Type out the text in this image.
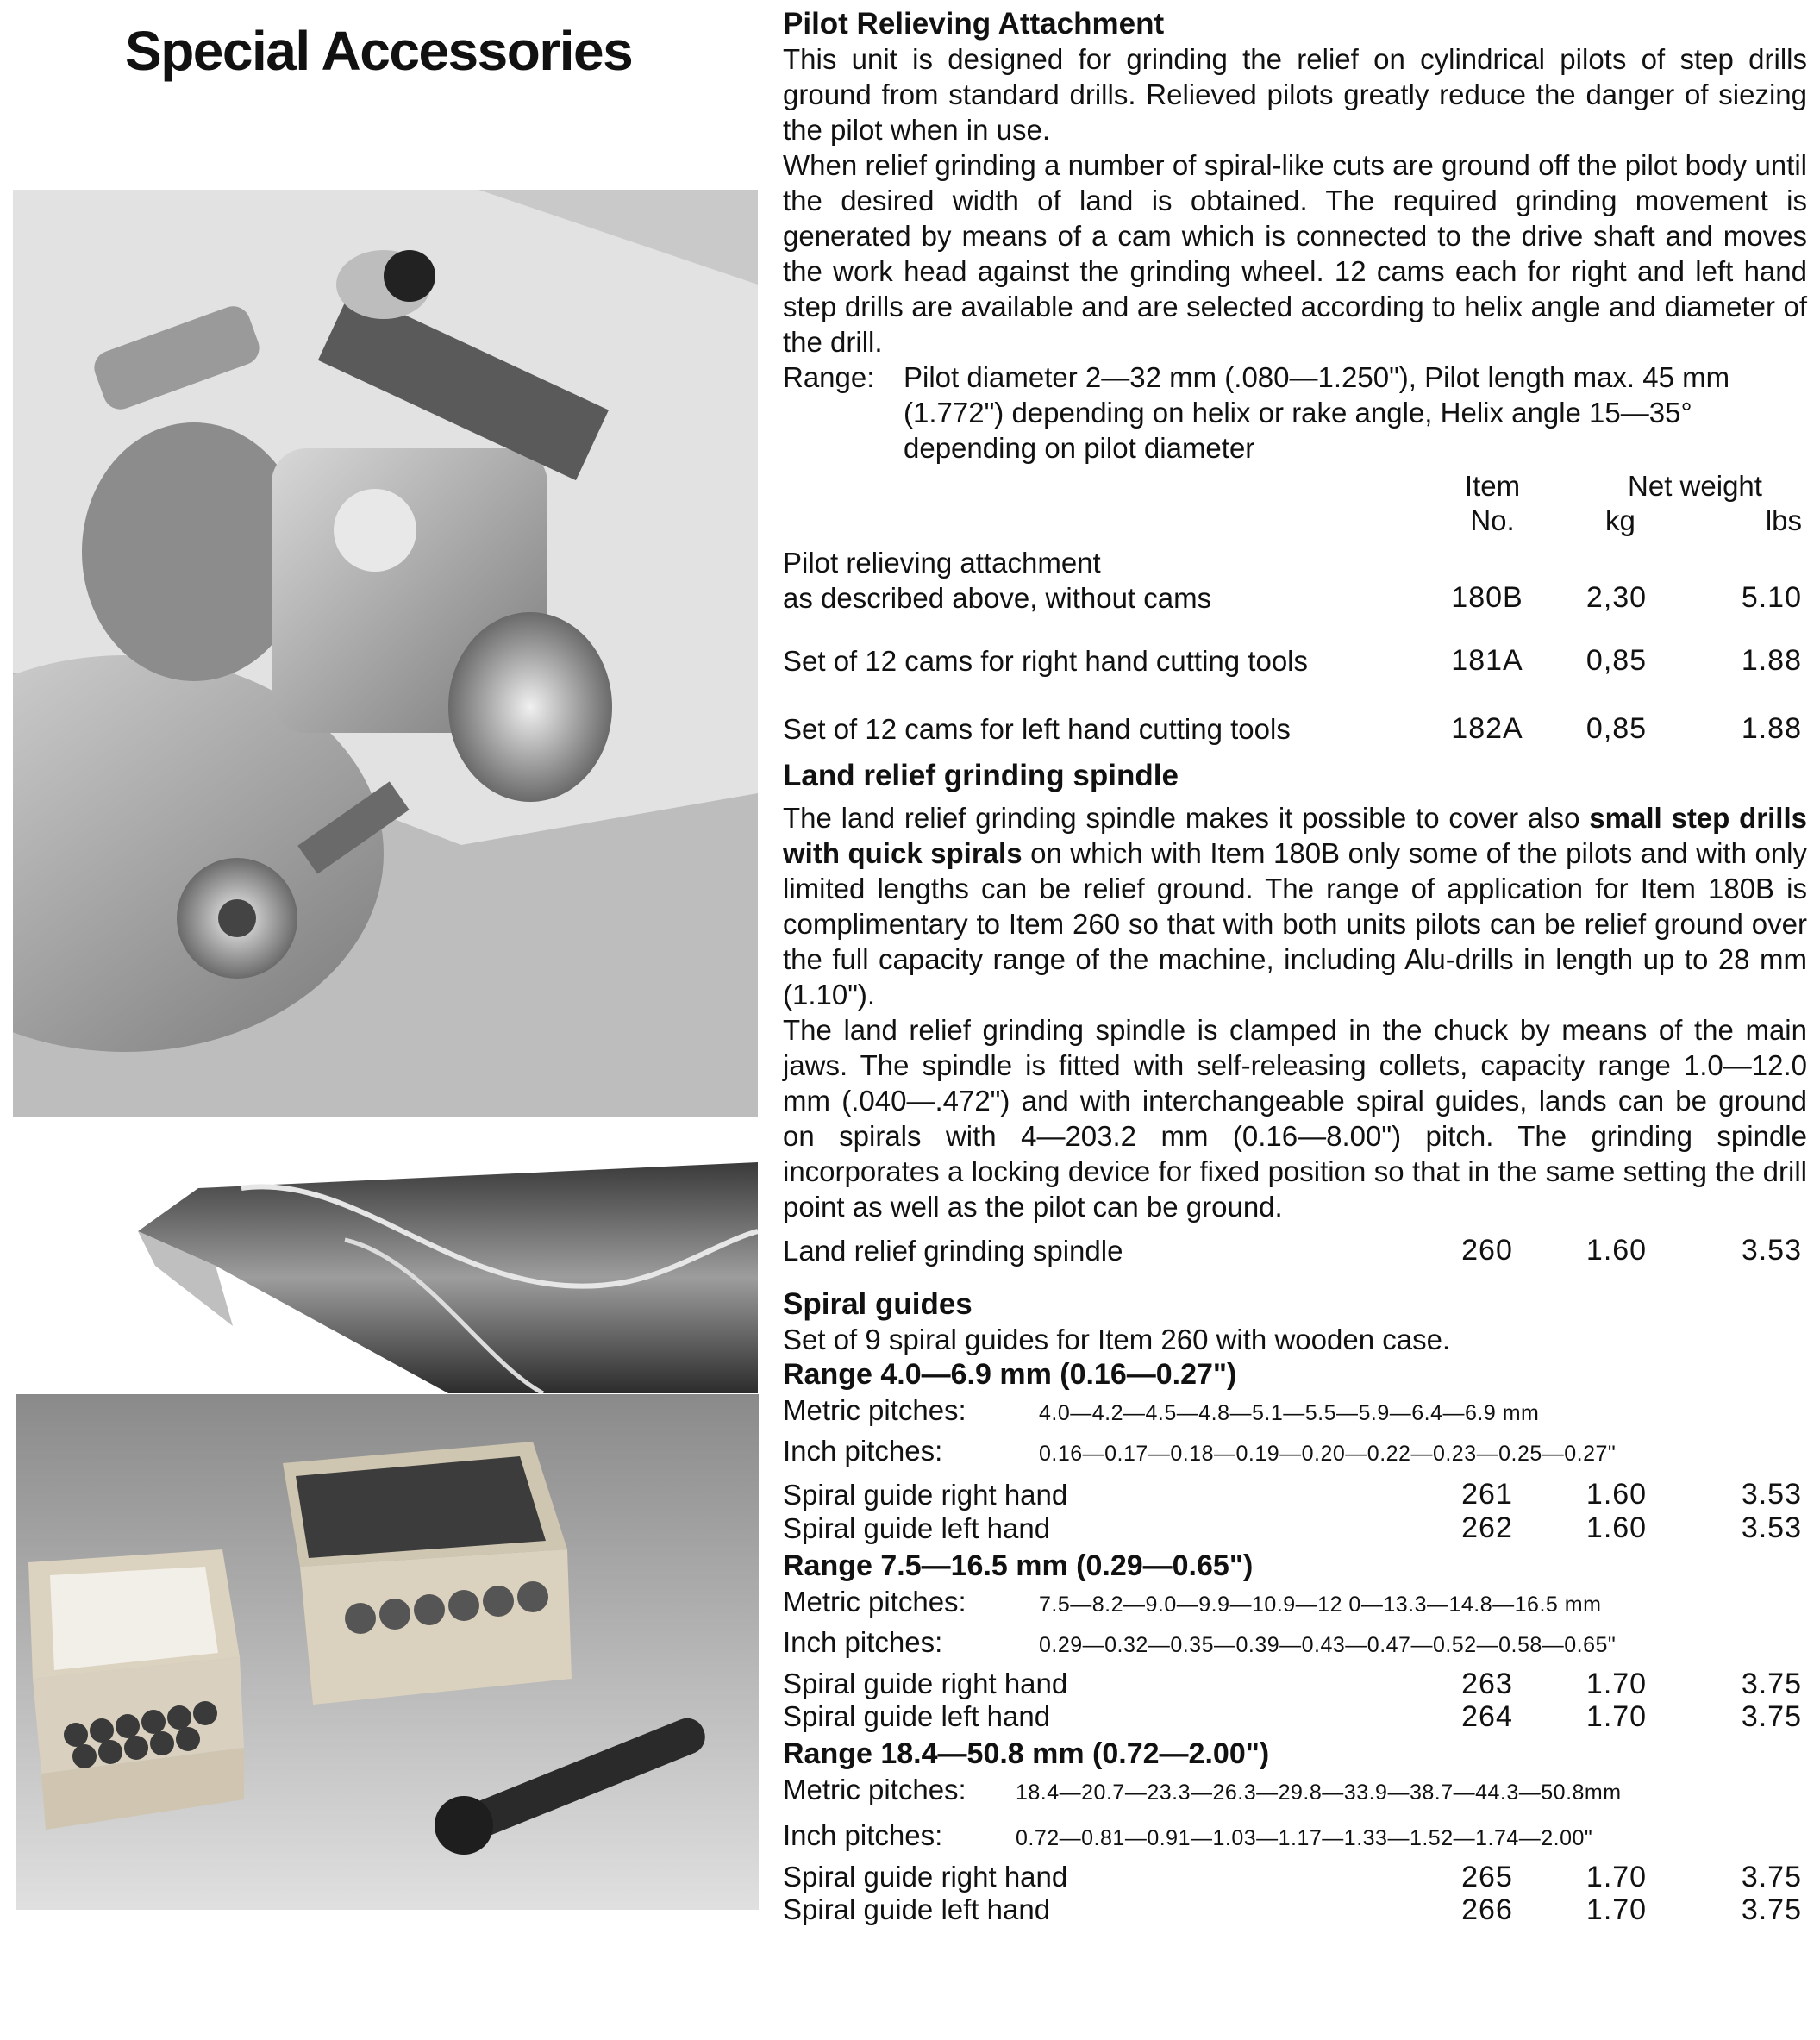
Special Accessories	Pilot Relieving Attachment
This unit is designed for grinding the relief on cylindrical pilots of step drills ground from standard drills. Relieved pilots greatly reduce the danger of siezing the pilot when in use.
When relief grinding a number of spiral-like cuts are ground off the pilot body until the desired width of land is obtained. The required grinding movement is generated by means of a cam which is connected to the drive shaft and moves the work head against the grinding wheel. 12 cams each for right and left hand step drills are available and are selected according to helix angle and diameter of the drill.
Range:	Pilot diameter 2—32 mm (.080—1.250"), Pilot length max. 45 mm (1.772") depending on helix or rake angle, Helix angle 15—35° depending on pilot diameter
Item
No.
Net weight
kg	lbs
Pilot relieving attachment
as described above, without cams	180B	2,30	5.10
Set of 12 cams for right hand cutting tools	181A	0,85	1.88
Set of 12 cams for left hand cutting tools	182A	0,85	1.88
Land relief grinding spindle
The land relief grinding spindle makes it possible to cover also small step drills with quick spirals on which with Item 180B only some of the pilots and with only limited lengths can be relief ground. The range of application for Item 180B is complimentary to Item 260 so that with both units pilots can be relief ground over the full capacity range of the machine, including Alu-drills in length up to 28 mm (1.10").
The land relief grinding spindle is clamped in the chuck by means of the main jaws. The spindle is fitted with self-releasing collets, capacity range 1.0—12.0 mm (.040—.472") and with interchangeable spiral guides, lands can be ground on spirals with 4—203.2 mm (0.16—8.00") pitch. The grinding spindle incorporates a locking device for fixed position so that in the same setting the drill point as well as the pilot can be ground.
Land relief grinding spindle	260	1.60	3.53
Spiral guides
Set of 9 spiral guides for Item 260 with wooden case.
Range 4.0—6.9 mm (0.16—0.27")
Metric pitches:	4.0—4.2—4.5—4.8—5.1—5.5—5.9—6.4—6.9 mm
Inch pitches:	0.16—0.17—0.18—0.19—0.20—0.22—0.23—0.25—0.27"
Spiral guide right hand	261	1.60	3.53
Spiral guide left hand	262	1.60	3.53
Range 7.5—16.5 mm (0.29—0.65")
Metric pitches:	7.5—8.2—9.0—9.9—10.9—12 0—13.3—14.8—16.5 mm
Inch pitches:	0.29—0.32—0.35—0.39—0.43—0.47—0.52—0.58—0.65"
Spiral guide right hand	263	1.70	3.75
Spiral guide left hand	264	1.70	3.75
Range 18.4—50.8 mm (0.72—2.00")
Metric pitches:	18.4—20.7—23.3—26.3—29.8—33.9—38.7—44.3—50.8mm
Inch pitches:	0.72—0.81—0.91—1.03—1.17—1.33—1.52—1.74—2.00"
Spiral guide right hand	265	1.70	3.75
Spiral guide left hand	266	1.70	3.75
